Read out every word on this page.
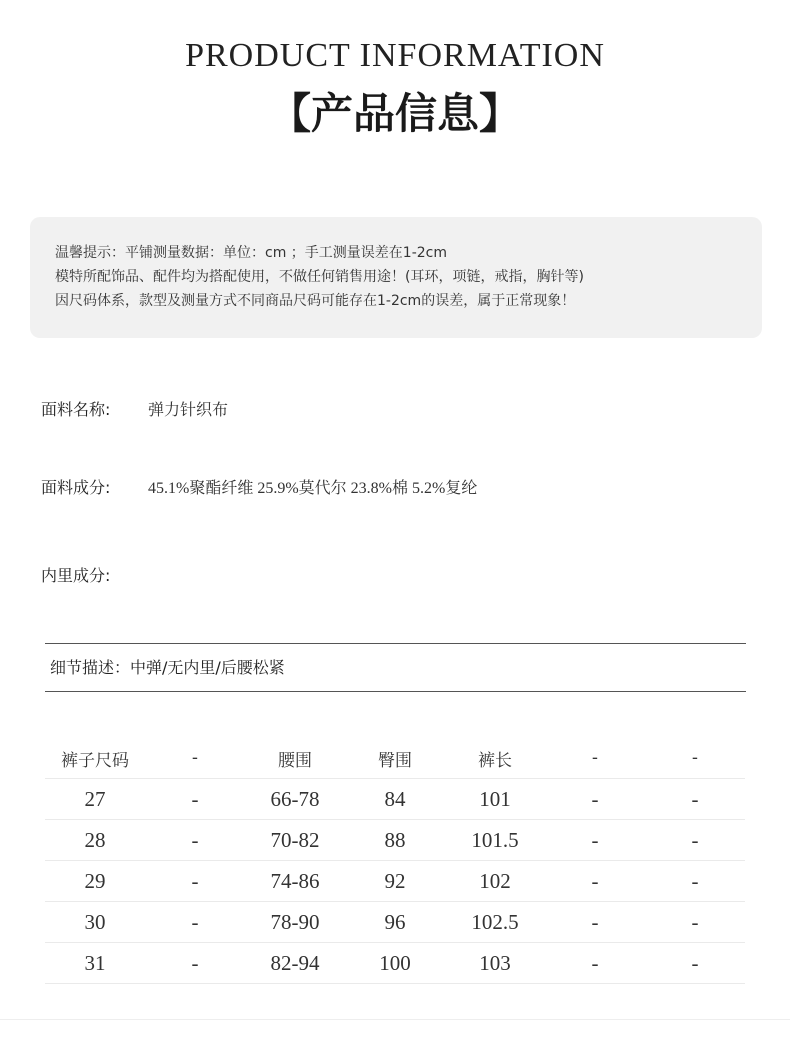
PRODUCT INFORMATION
【产品信息】
温馨提示：平铺测量数据：单位：cm ；手工测量误差在1-2cm
模特所配饰品、配件均为搭配使用，不做任何销售用途！(耳环，项链，戒指，胸针等)
因尺码体系，款型及测量方式不同商品尺码可能存在1-2cm的误差，属于正常现象！
面料名称: 弹力针织布
面料成分: 45.1%聚酯纤维 25.9%莫代尔 23.8%棉 5.2%复纶
内里成分:
细节描述：中弹/无内里/后腰松紧
裤子尺码	-	腰围	臀围	裤长	-	-
27	-	66-78	84	101	-	-
28	-	70-82	88	101.5	-	-
29	-	74-86	92	102	-	-
30	-	78-90	96	102.5	-	-
31	-	82-94	100	103	-	-
